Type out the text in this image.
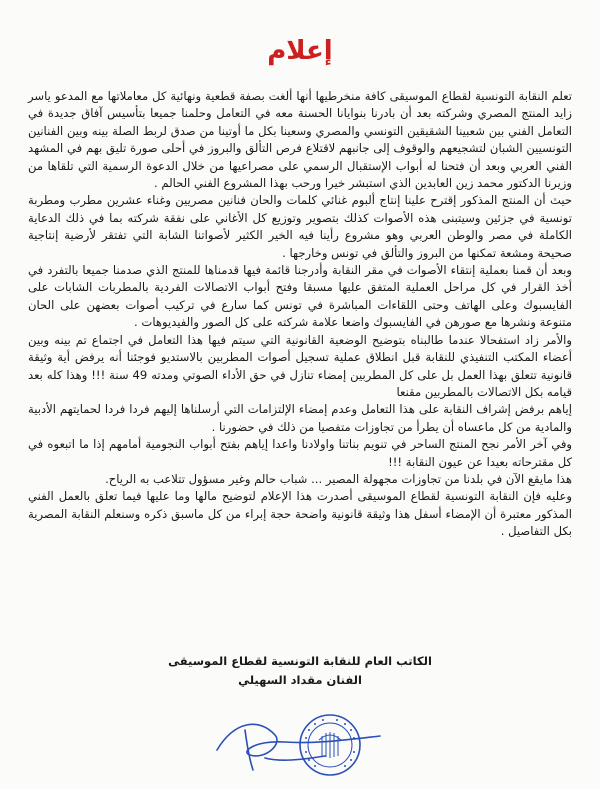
إعلام

تعلم النقابة التونسية لقطاع الموسيقى كافة منخرطيها أنها ألغت بصفة قطعية ونهائية كل معاملاتها مع المدعو ياسر زايد المنتج المصري وشركته بعد أن بادرنا بنوايانا الحسنة معه في التعامل وحلمنا جميعا بتأسيس آفاق جديدة في التعامل الفني بين شعبينا الشقيقين التونسي والمصري وسعينا بكل ما أوتينا من صدق لربط الصلة بينه وبين الفنانين التونسيين الشبان لتشجيعهم والوقوف إلى جانبهم لاقتلاع فرص التألق والبروز في أحلى صورة تليق بهم في المشهد الفني العربي وبعد أن فتحنا له أبواب الإستقبال الرسمي على مصراعيها من خلال الدعوة الرسمية التي تلقاها من وزيرنا الدكتور محمد زين العابدين الذي استبشر خيرا ورحب بهذا المشروع الفني الحالم .

حيث أن المنتج المذكور إقترح علينا إنتاج ألبوم غنائي كلمات والحان فنانين مصريين وغناء عشرين مطرب ومطربة تونسية في جزئين وسيتبنى هذه الأصوات كذلك بتصوير وتوزيع كل الأغاني على نفقة شركته بما في ذلك الدعاية الكاملة في مصر والوطن العربي وهو مشروع رأينا فيه الخير الكثير لأصواتنا الشابة التي تفتقر لأرضية إنتاجية صحيحة ومشعة تمكنها من البروز والتألق في تونس وخارجها .

وبعد أن قمنا بعملية إنتقاء الأصوات في مقر النقابة وأدرجنا قائمة فيها قدمناها للمنتج الذي صدمنا جميعا بالتفرد في أخذ القرار في كل مراحل العملية المتفق عليها مسبقا وفتح أبواب الاتصالات الفردية بالمطربات الشابات على الفايسبوك وعلى الهاتف وحتى اللقاءات المباشرة في تونس كما سارع في تركيب أصوات بعضهن على الحان متنوعة ونشرها مع صورهن في الفايسبوك واضعا علامة شركته على كل الصور والفيديوهات .

والأمر زاد استفحالا عندما طالبناه بتوضيح الوضعية القانونية التي سيتم فيها هذا التعامل في اجتماع تم بينه وبين أعضاء المكتب التنفيذي للنقابة قبل انطلاق عملية تسجيل أصوات المطربين بالاستديو فوجئنا أنه يرفض أية وثيقة قانونية تتعلق بهذا العمل بل على كل المطربين إمضاء تنازل في حق الأداء الصوتي ومدته 49 سنة !!! وهذا كله بعد قيامه بكل الاتصالات بالمطربين مقنعا

إياهم برفض إشراف النقابة على هذا التعامل وعدم إمضاء الإلتزامات التي أرسلناها إليهم فردا فردا لحمايتهم الأدبية والمادية من كل ماعساه أن يطرأ من تجاوزات متفصيا من ذلك في حضورنا .

وفي آخر الأمر نجح المنتج الساحر في تنويم بناتنا واولادنا واعدا إياهم بفتح أبواب النجومية أمامهم إذا ما اتبعوه في كل مقترحاته بعيدا عن عيون النقابة !!!

هذا مايقع الآن في بلدنا من تجاوزات مجهولة المصير ... شباب حالم وغير مسؤول تتلاعب به الرياح.

وعليه فإن النقابة التونسية لقطاع الموسيقى أصدرت هذا الإعلام لتوضيح مالها وما عليها فيما تعلق بالعمل الفني المذكور معتبرة أن الإمضاء أسفل هذا وثيقة قانونية واضحة حجة إبراء من كل ماسبق ذكره وسنعلم النقابة المصرية بكل التفاصيل .

الكاتب العام للنقابة التونسية لقطاع الموسيقى
الفنان مقداد السهيلي
